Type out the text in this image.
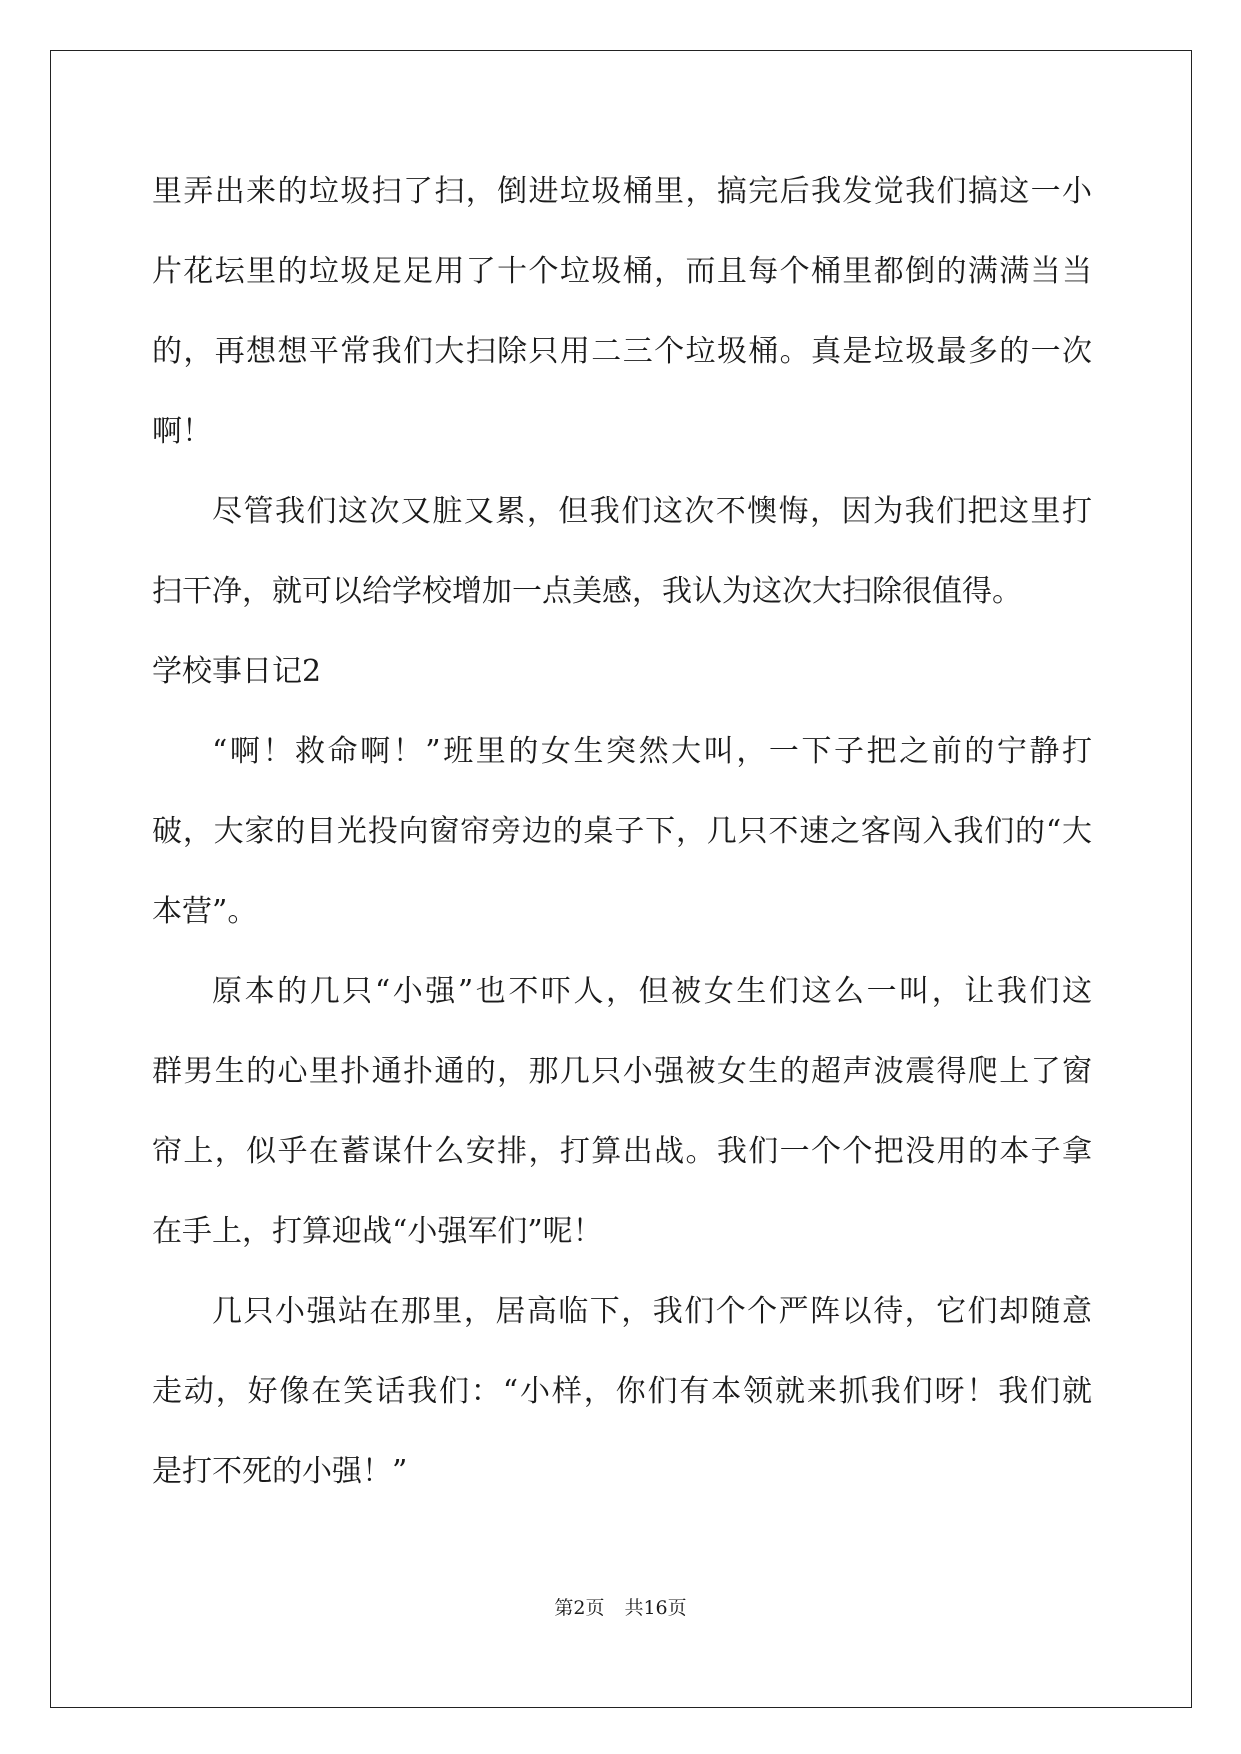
里弄出来的垃圾扫了扫，倒进垃圾桶里，搞完后我发觉我们搞这一小
片花坛里的垃圾足足用了十个垃圾桶，而且每个桶里都倒的满满当当
的，再想想平常我们大扫除只用二三个垃圾桶。真是垃圾最多的一次
啊！
尽管我们这次又脏又累，但我们这次不懊悔，因为我们把这里打
扫干净，就可以给学校增加一点美感，我认为这次大扫除很值得。
学校事日记2
“啊！救命啊！”班里的女生突然大叫，一下子把之前的宁静打
破，大家的目光投向窗帘旁边的桌子下，几只不速之客闯入我们的“大
本营”。
原本的几只“小强”也不吓人，但被女生们这么一叫，让我们这
群男生的心里扑通扑通的，那几只小强被女生的超声波震得爬上了窗
帘上，似乎在蓄谋什么安排，打算出战。我们一个个把没用的本子拿
在手上，打算迎战“小强军们”呢！
几只小强站在那里，居高临下，我们个个严阵以待，它们却随意
走动，好像在笑话我们：“小样，你们有本领就来抓我们呀！我们就
是打不死的小强！”
第2页 共16页
